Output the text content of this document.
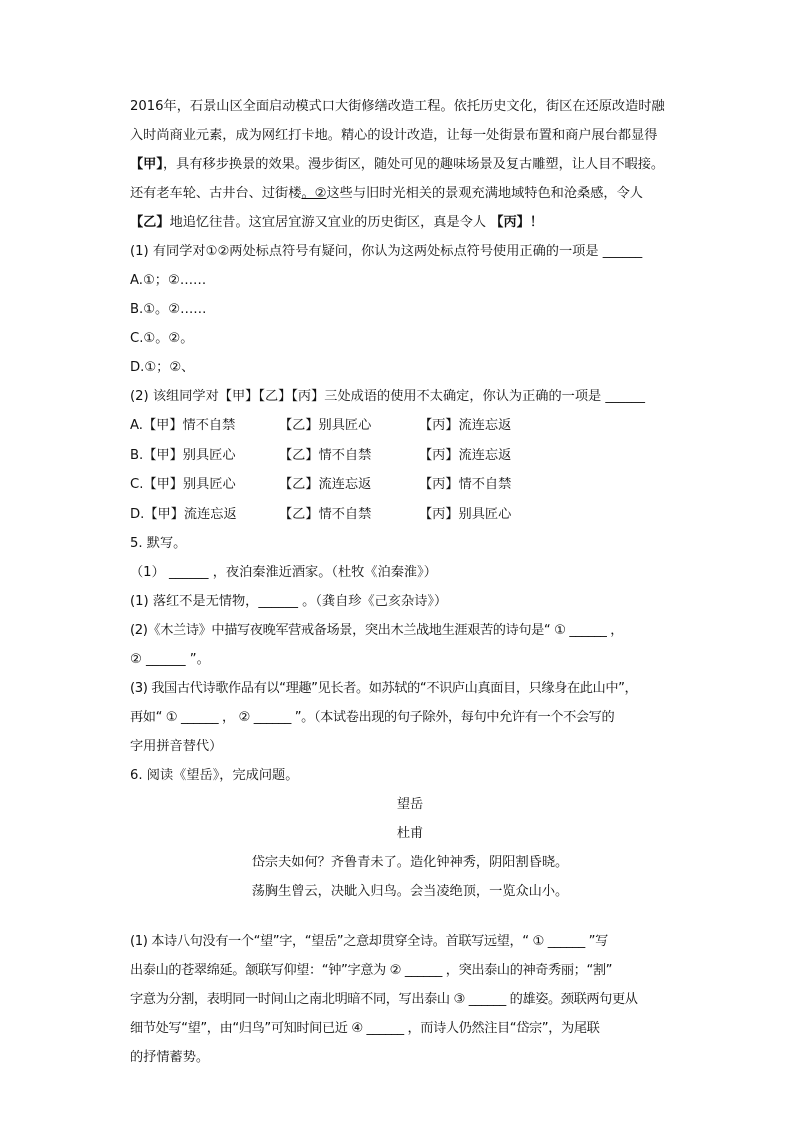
2016年，石景山区全面启动模式口大街修缮改造工程。依托历史文化，街区在还原改造时融
入时尚商业元素，成为网红打卡地。精心的设计改造，让每一处街景布置和商户展台都显得
【甲】，具有移步换景的效果。漫步街区，随处可见的趣味场景及复古雕塑，让人目不暇接。
还有老车轮、古井台、过街楼。②这些与旧时光相关的景观充满地域特色和沧桑感，令人
【乙】地追忆往昔。这宜居宜游又宜业的历史街区，真是令人 【丙】！
(1) 有同学对①②两处标点符号有疑问，你认为这两处标点符号使用正确的一项是 ______
A.①；②……
B.①。②……
C.①。②。
D.①；②、
(2) 该组同学对【甲】【乙】【丙】三处成语的使用不太确定，你认为正确的一项是 ______
A.【甲】情不自禁	【乙】别具匠心	【丙】流连忘返
B.【甲】别具匠心	【乙】情不自禁	【丙】流连忘返
C.【甲】别具匠心	【乙】流连忘返	【丙】情不自禁
D.【甲】流连忘返	【乙】情不自禁	【丙】别具匠心
5. 默写。
（1） ______ ，夜泊秦淮近酒家。（杜牧《泊秦淮》）
(1) 落红不是无情物，______ 。（龚自珍《己亥杂诗》）
(2)《木兰诗》中描写夜晚军营戒备场景，突出木兰战地生涯艰苦的诗句是“ ① ______ ，
② ______ ”。
(3) 我国古代诗歌作品有以“理趣”见长者。如苏轼的“不识庐山真面目，只缘身在此山中”，
再如“ ① ______ ， ② ______ ”。（本试卷出现的句子除外，每句中允许有一个不会写的
字用拼音替代）
6. 阅读《望岳》，完成问题。
望岳
杜甫
岱宗夫如何？齐鲁青未了。造化钟神秀，阴阳割昏晓。
荡胸生曾云，决眦入归鸟。会当凌绝顶，一览众山小。
(1) 本诗八句没有一个“望”字，“望岳”之意却贯穿全诗。首联写远望，“ ① ______ ”写
出泰山的苍翠绵延。颔联写仰望：“钟”字意为 ② ______ ，突出泰山的神奇秀丽；“割”
字意为分割，表明同一时间山之南北明暗不同，写出泰山 ③ ______ 的雄姿。颈联两句更从
细节处写“望”，由“归鸟”可知时间已近 ④ ______ ，而诗人仍然注目“岱宗”，为尾联
的抒情蓄势。
